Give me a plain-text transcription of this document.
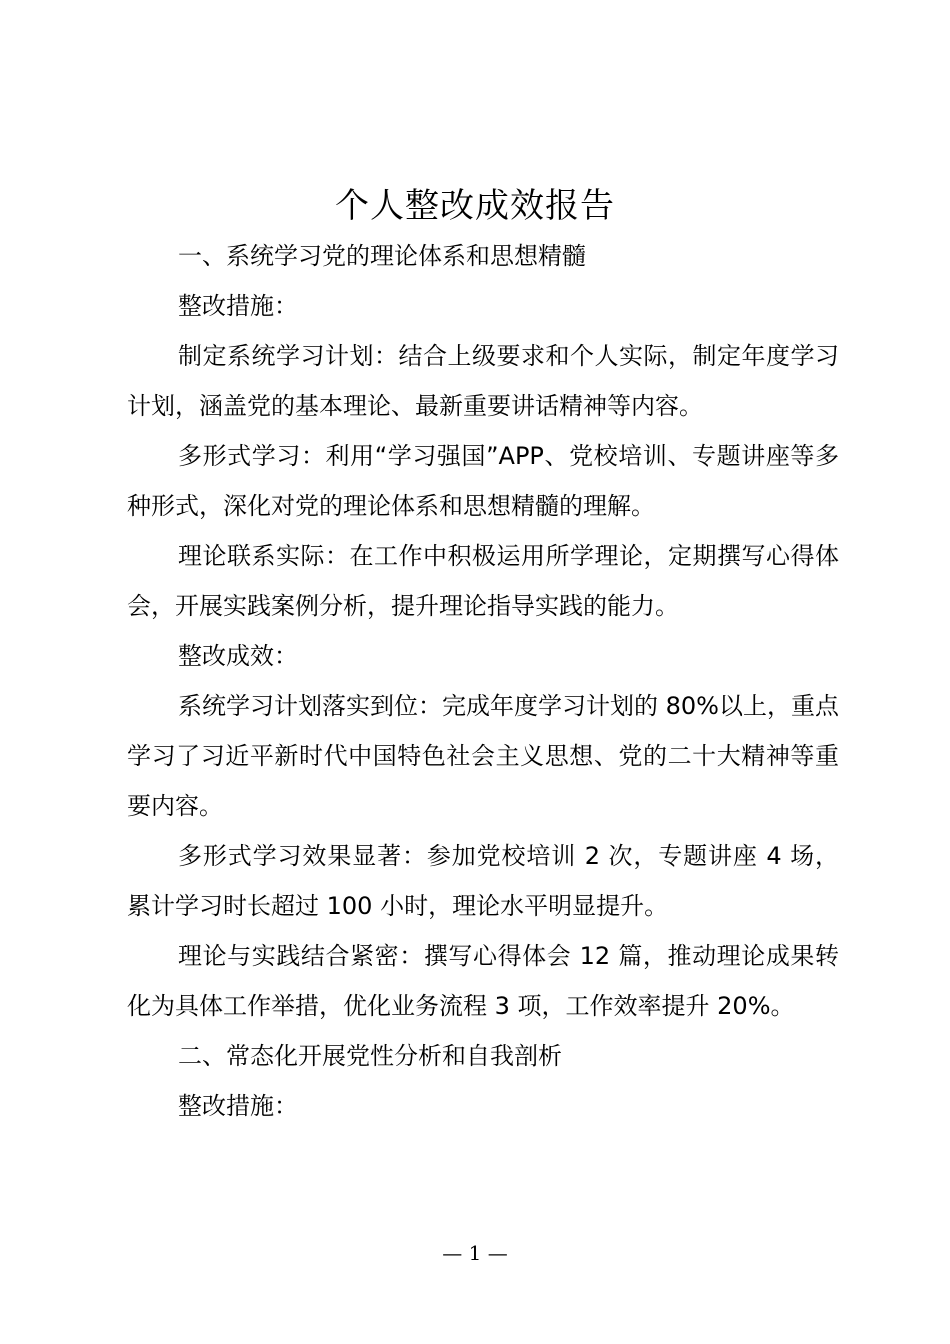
个人整改成效报告

一、系统学习党的理论体系和思想精髓

整改措施：

制定系统学习计划：结合上级要求和个人实际，制定年度学习计划，涵盖党的基本理论、最新重要讲话精神等内容。

多形式学习：利用“学习强国”APP、党校培训、专题讲座等多种形式，深化对党的理论体系和思想精髓的理解。

理论联系实际：在工作中积极运用所学理论，定期撰写心得体会，开展实践案例分析，提升理论指导实践的能力。

整改成效：

系统学习计划落实到位：完成年度学习计划的 80%以上，重点学习了习近平新时代中国特色社会主义思想、党的二十大精神等重要内容。

多形式学习效果显著：参加党校培训 2 次，专题讲座 4 场，累计学习时长超过 100 小时，理论水平明显提升。

理论与实践结合紧密：撰写心得体会 12 篇，推动理论成果转化为具体工作举措，优化业务流程 3 项，工作效率提升 20%。

二、常态化开展党性分析和自我剖析

整改措施：

— 1 —
